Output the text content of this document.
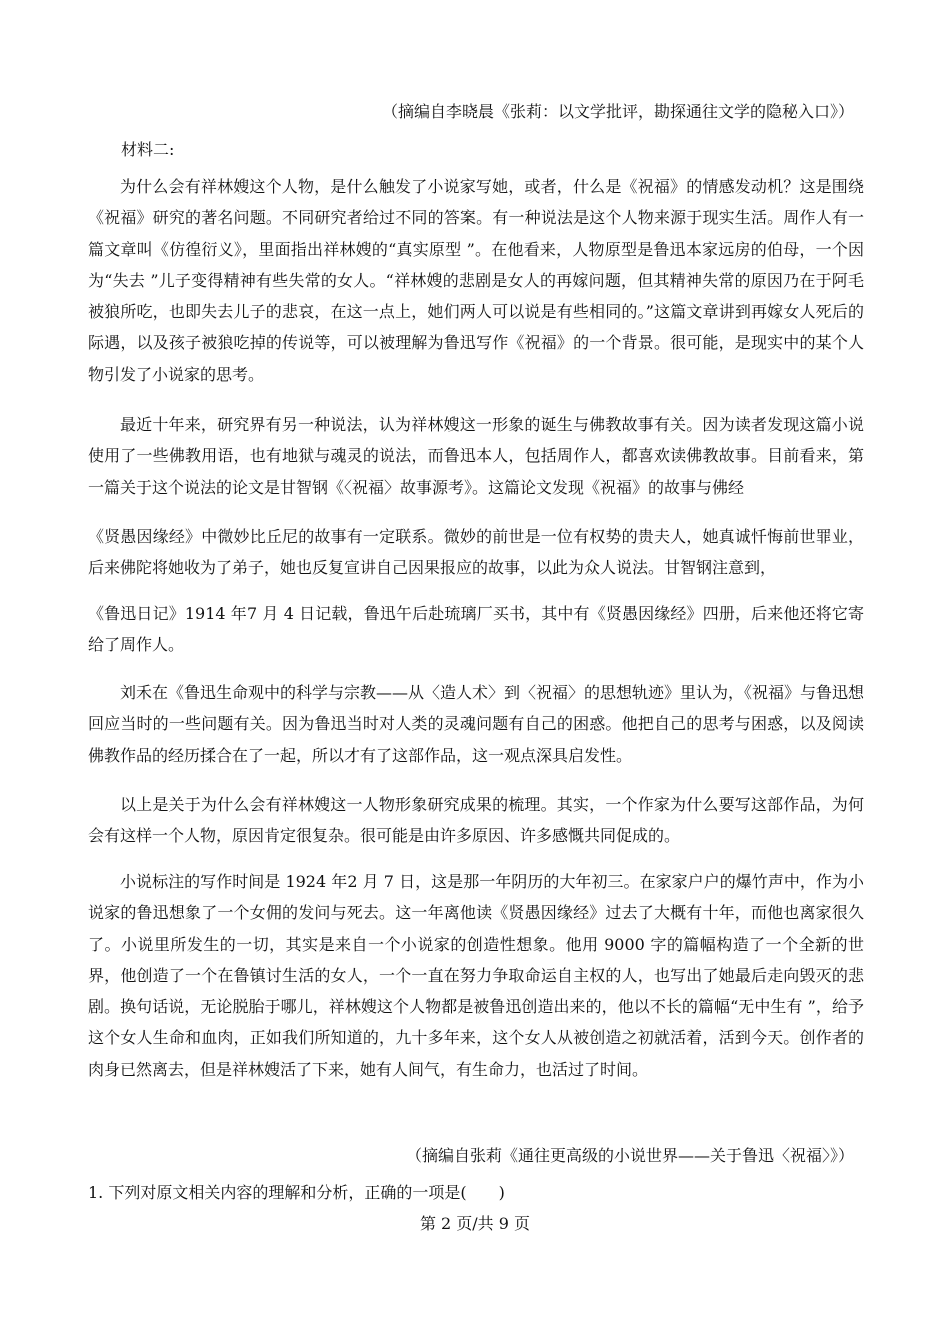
（摘编自李晓晨《张莉：以文学批评，勘探通往文学的隐秘入口》）

材料二:

为什么会有祥林嫂这个人物，是什么触发了小说家写她，或者，什么是《祝福》的情感发动机？这是围绕《祝福》研究的著名问题。不同研究者给过不同的答案。有一种说法是这个人物来源于现实生活。周作人有一篇文章叫《仿徨衍义》，里面指出祥林嫂的“真实原型 ”。在他看来，人物原型是鲁迅本家远房的伯母，一个因为“失去 ”儿子变得精神有些失常的女人。“祥林嫂的悲剧是女人的再嫁问题，但其精神失常的原因乃在于阿毛被狼所吃，也即失去儿子的悲哀，在这一点上，她们两人可以说是有些相同的。”这篇文章讲到再嫁女人死后的际遇，以及孩子被狼吃掉的传说等，可以被理解为鲁迅写作《祝福》的一个背景。很可能，是现实中的某个人物引发了小说家的思考。

最近十年来，研究界有另一种说法，认为祥林嫂这一形象的诞生与佛教故事有关。因为读者发现这篇小说使用了一些佛教用语，也有地狱与魂灵的说法，而鲁迅本人，包括周作人，都喜欢读佛教故事。目前看来，第一篇关于这个说法的论文是甘智钢《〈祝福〉故事源考》。这篇论文发现《祝福》的故事与佛经

《贤愚因缘经》中微妙比丘尼的故事有一定联系。微妙的前世是一位有权势的贵夫人，她真诚忏悔前世罪业，后来佛陀将她收为了弟子，她也反复宣讲自己因果报应的故事，以此为众人说法。甘智钢注意到，

《鲁迅日记》1914 年7 月 4 日记载，鲁迅午后赴琉璃厂买书，其中有《贤愚因缘经》四册，后来他还将它寄给了周作人。

刘禾在《鲁迅生命观中的科学与宗教——从〈造人术〉到〈祝福〉的思想轨迹》里认为，《祝福》与鲁迅想回应当时的一些问题有关。因为鲁迅当时对人类的灵魂问题有自己的困惑。他把自己的思考与困惑，以及阅读佛教作品的经历揉合在了一起，所以才有了这部作品，这一观点深具启发性。

以上是关于为什么会有祥林嫂这一人物形象研究成果的梳理。其实，一个作家为什么要写这部作品，为何会有这样一个人物，原因肯定很复杂。很可能是由许多原因、许多感慨共同促成的。

小说标注的写作时间是 1924 年2 月 7 日，这是那一年阴历的大年初三。在家家户户的爆竹声中，作为小说家的鲁迅想象了一个女佣的发问与死去。这一年离他读《贤愚因缘经》过去了大概有十年，而他也离家很久了。小说里所发生的一切，其实是来自一个小说家的创造性想象。他用 9000 字的篇幅构造了一个全新的世界，他创造了一个在鲁镇讨生活的女人，一个一直在努力争取命运自主权的人，也写出了她最后走向毁灭的悲剧。换句话说，无论脱胎于哪儿，祥林嫂这个人物都是被鲁迅创造出来的，他以不长的篇幅“无中生有 ”，给予这个女人生命和血肉，正如我们所知道的，九十多年来，这个女人从被创造之初就活着，活到今天。创作者的肉身已然离去，但是祥林嫂活了下来，她有人间气，有生命力，也活过了时间。

（摘编自张莉《通往更高级的小说世界——关于鲁迅〈祝福〉》）

1. 下列对原文相关内容的理解和分析，正确的一项是(　　)

第 2 页/共 9 页
